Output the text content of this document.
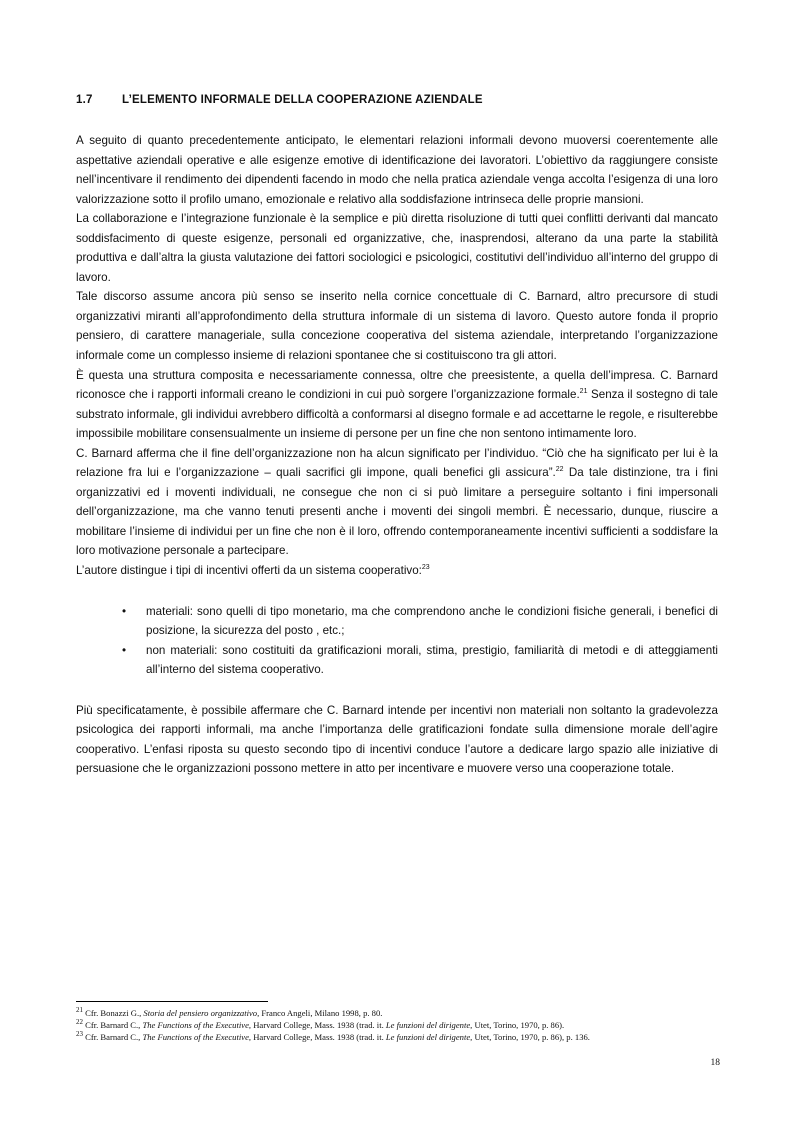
1.7	L’ELEMENTO INFORMALE DELLA COOPERAZIONE AZIENDALE

A seguito di quanto precedentemente anticipato, le elementari relazioni informali devono muoversi coerentemente alle aspettative aziendali operative e alle esigenze emotive di identificazione dei lavoratori. L’obiettivo da raggiungere consiste nell’incentivare il rendimento dei dipendenti facendo in modo che nella pratica aziendale venga accolta l’esigenza di una loro valorizzazione sotto il profilo umano, emozionale e relativo alla soddisfazione intrinseca delle proprie mansioni.

La collaborazione e l’integrazione funzionale è la semplice e più diretta risoluzione di tutti quei conflitti derivanti dal mancato soddisfacimento di queste esigenze, personali ed organizzative, che, inasprendosi, alterano da una parte la stabilità produttiva e dall’altra la giusta valutazione dei fattori sociologici e psicologici, costitutivi dell’individuo all’interno del gruppo di lavoro.

Tale discorso assume ancora più senso se inserito nella cornice concettuale di C. Barnard, altro precursore di studi organizzativi miranti all’approfondimento della struttura informale di un sistema di lavoro. Questo autore fonda il proprio pensiero, di carattere manageriale, sulla concezione cooperativa del sistema aziendale, interpretando l’organizzazione informale come un complesso insieme di relazioni spontanee che si costituiscono tra gli attori.

È questa una struttura composita e necessariamente connessa, oltre che preesistente, a quella dell’impresa. C. Barnard riconosce che i rapporti informali creano le condizioni in cui può sorgere l’organizzazione formale.$^{21}$ Senza il sostegno di tale substrato informale, gli individui avrebbero difficoltà a conformarsi al disegno formale e ad accettarne le regole, e risulterebbe impossibile mobilitare consensualmente un insieme di persone per un fine che non sentono intimamente loro.

C. Barnard afferma che il fine dell’organizzazione non ha alcun significato per l’individuo. “Ciò che ha significato per lui è la relazione fra lui e l’organizzazione – quali sacrifici gli impone, quali benefici gli assicura”.$^{22}$ Da tale distinzione, tra i fini organizzativi ed i moventi individuali, ne consegue che non ci si può limitare a perseguire soltanto i fini impersonali dell’organizzazione, ma che vanno tenuti presenti anche i moventi dei singoli membri. È necessario, dunque, riuscire a mobilitare l’insieme di individui per un fine che non è il loro, offrendo contemporaneamente incentivi sufficienti a soddisfare la loro motivazione personale a partecipare.

L’autore distingue i tipi di incentivi offerti da un sistema cooperativo:$^{23}$

• materiali: sono quelli di tipo monetario, ma che comprendono anche le condizioni fisiche generali, i benefici di posizione, la sicurezza del posto , etc.;
• non materiali: sono costituiti da gratificazioni morali, stima, prestigio, familiarità di metodi e di atteggiamenti all’interno del sistema cooperativo.

Più specificatamente, è possibile affermare che C. Barnard intende per incentivi non materiali non soltanto la gradevolezza psicologica dei rapporti informali, ma anche l’importanza delle gratificazioni fondate sulla dimensione morale dell’agire cooperativo. L’enfasi riposta su questo secondo tipo di incentivi conduce l’autore a dedicare largo spazio alle iniziative di persuasione che le organizzazioni possono mettere in atto per incentivare e muovere verso una cooperazione totale.

$^{21}$ Cfr. Bonazzi G., Storia del pensiero organizzativo, Franco Angeli, Milano 1998, p. 80.
$^{22}$ Cfr. Barnard C., The Functions of the Executive, Harvard College, Mass. 1938 (trad. it. Le funzioni del dirigente, Utet, Torino, 1970, p. 86).
$^{23}$ Cfr. Barnard C., The Functions of the Executive, Harvard College, Mass. 1938 (trad. it. Le funzioni del dirigente, Utet, Torino, 1970, p. 86), p. 136.
18
